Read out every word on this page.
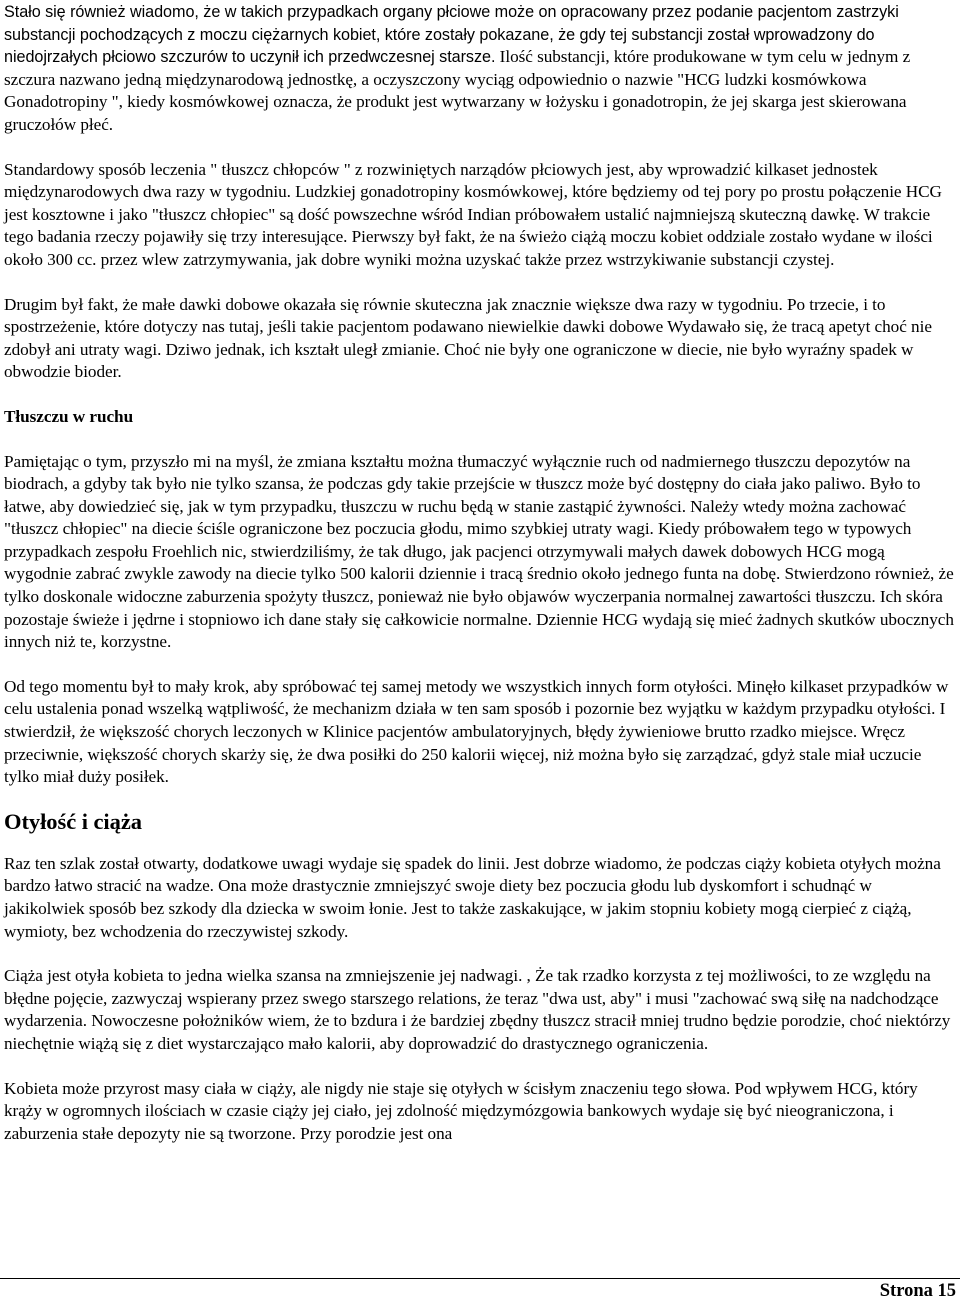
Stało się również wiadomo, że w takich przypadkach organy płciowe może on opracowany przez podanie pacjentom zastrzyki substancji pochodzących z moczu ciężarnych kobiet, które zostały pokazane, że gdy tej substancji został wprowadzony do niedojrzałych płciowo szczurów to uczynił ich przedwczesnej starsze. Ilość substancji, które produkowane w tym celu w jednym z szczura nazwano jedną międzynarodową jednostkę, a oczyszczony wyciąg odpowiednio o nazwie "HCG ludzki kosmówkowa Gonadotropiny ", kiedy kosmówkowej oznacza, że produkt jest wytwarzany w łożysku i gonadotropin, że jej skarga jest skierowana gruczołów płeć.

Standardowy sposób leczenia " tłuszcz chłopców " z rozwiniętych narządów płciowych jest, aby wprowadzić kilkaset jednostek międzynarodowych dwa razy w tygodniu. Ludzkiej gonadotropiny kosmówkowej, które będziemy od tej pory po prostu połączenie HCG jest kosztowne i jako "tłuszcz chłopiec" są dość powszechne wśród Indian próbowałem ustalić najmniejszą skuteczną dawkę. W trakcie tego badania rzeczy pojawiły się trzy interesujące. Pierwszy był fakt, że na świeżo ciążą moczu kobiet oddziale zostało wydane w ilości około 300 cc. przez wlew zatrzymywania, jak dobre wyniki można uzyskać także przez wstrzykiwanie substancji czystej.

Drugim był fakt, że małe dawki dobowe okazała się równie skuteczna jak znacznie większe dwa razy w tygodniu. Po trzecie, i to spostrzeżenie, które dotyczy nas tutaj, jeśli takie pacjentom podawano niewielkie dawki dobowe Wydawało się, że tracą apetyt choć nie zdobył ani utraty wagi. Dziwo jednak, ich kształt uległ zmianie. Choć nie były one ograniczone w diecie, nie było wyraźny spadek w obwodzie bioder.

Tłuszczu w ruchu

Pamiętając o tym, przyszło mi na myśl, że zmiana kształtu można tłumaczyć wyłącznie ruch od nadmiernego tłuszczu depozytów na biodrach, a gdyby tak było nie tylko szansa, że podczas gdy takie przejście w tłuszcz może być dostępny do ciała jako paliwo. Było to łatwe, aby dowiedzieć się, jak w tym przypadku, tłuszczu w ruchu będą w stanie zastąpić żywności. Należy wtedy można zachować "tłuszcz chłopiec" na diecie ściśle ograniczone bez poczucia głodu, mimo szybkiej utraty wagi. Kiedy próbowałem tego w typowych przypadkach zespołu Froehlich nic, stwierdziliśmy, że tak długo, jak pacjenci otrzymywali małych dawek dobowych HCG mogą wygodnie zabrać zwykle zawody na diecie tylko 500 kalorii dziennie i tracą średnio około jednego funta na dobę. Stwierdzono również, że tylko doskonale widoczne zaburzenia spożyty tłuszcz, ponieważ nie było objawów wyczerpania normalnej zawartości tłuszczu. Ich skóra pozostaje świeże i jędrne i stopniowo ich dane stały się całkowicie normalne. Dziennie HCG wydają się mieć żadnych skutków ubocznych innych niż te, korzystne.

Od tego momentu był to mały krok, aby spróbować tej samej metody we wszystkich innych form otyłości. Minęło kilkaset przypadków w celu ustalenia ponad wszelką wątpliwość, że mechanizm działa w ten sam sposób i pozornie bez wyjątku w każdym przypadku otyłości. I stwierdził, że większość chorych leczonych w Klinice pacjentów ambulatoryjnych, błędy żywieniowe brutto rzadko miejsce. Wręcz przeciwnie, większość chorych skarży się, że dwa posiłki do 250 kalorii więcej, niż można było się zarządzać, gdyż stale miał uczucie tylko miał duży posiłek.

Otyłość i ciąża

Raz ten szlak został otwarty, dodatkowe uwagi wydaje się spadek do linii. Jest dobrze wiadomo, że podczas ciąży kobieta otyłych można bardzo łatwo stracić na wadze. Ona może drastycznie zmniejszyć swoje diety bez poczucia głodu lub dyskomfort i schudnąć w jakikolwiek sposób bez szkody dla dziecka w swoim łonie. Jest to także zaskakujące, w jakim stopniu kobiety mogą cierpieć z ciążą, wymioty, bez wchodzenia do rzeczywistej szkody.

Ciąża jest otyła kobieta to jedna wielka szansa na zmniejszenie jej nadwagi. , Że tak rzadko korzysta z tej możliwości, to ze względu na błędne pojęcie, zazwyczaj wspierany przez swego starszego relations, że teraz "dwa ust, aby" i musi "zachować swą siłę na nadchodzące wydarzenia. Nowoczesne położników wiem, że to bzdura i że bardziej zbędny tłuszcz stracił mniej trudno będzie porodzie, choć niektórzy niechętnie wiążą się z diet wystarczająco mało kalorii, aby doprowadzić do drastycznego ograniczenia.

Kobieta może przyrost masy ciała w ciąży, ale nigdy nie staje się otyłych w ścisłym znaczeniu tego słowa. Pod wpływem HCG, który krąży w ogromnych ilościach w czasie ciąży jej ciało, jej zdolność międzymózgowia bankowych wydaje się być nieograniczona, i zaburzenia stałe depozyty nie są tworzone. Przy porodzie jest ona

Strona 15
